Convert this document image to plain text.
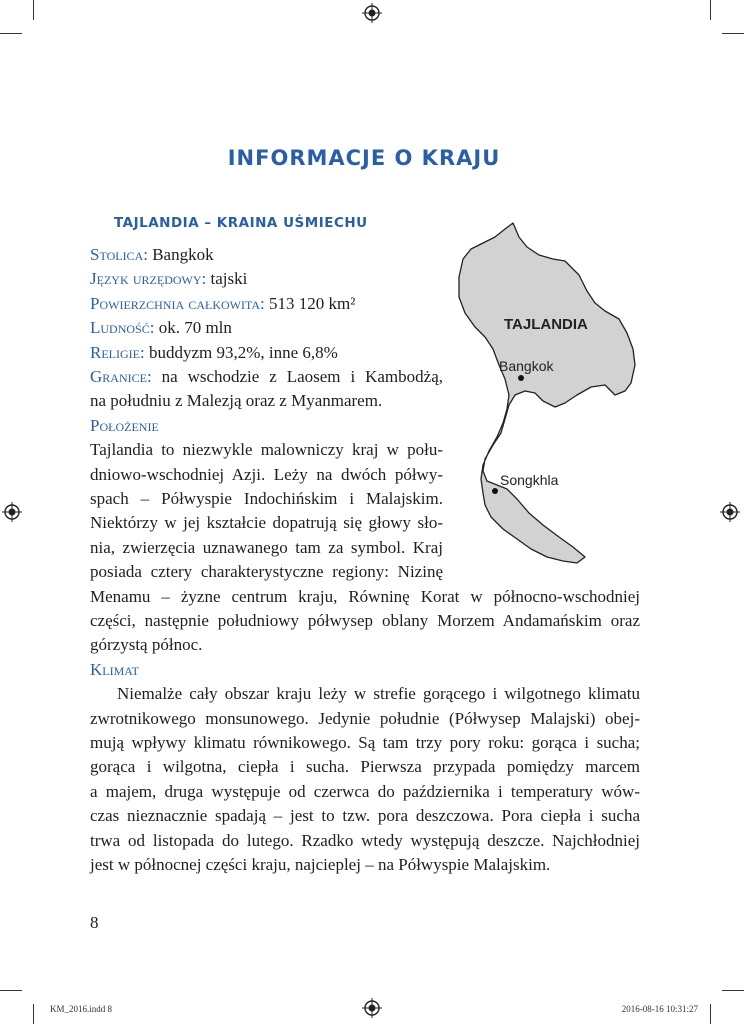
INFORMACJE O KRAJU
TAJLANDIA – KRAINA UŚMIECHU
Stolica: Bangkok
Język urzędowy: tajski
Powierzchnia całkowita: 513 120 km²
Ludność: ok. 70 mln
Religie: buddyzm 93,2%, inne 6,8%
Granice: na wschodzie z Laosem i Kambodżą,
na południu z Malezją oraz z Myanmarem.
Położenie
Tajlandia to niezwykle malowniczy kraj w połu-
dniowo-wschodniej Azji. Leży na dwóch półwy-
spach – Półwyspie Indochińskim i Malajskim.
Niektórzy w jej kształcie dopatrują się głowy sło-
nia, zwierzęcia uznawanego tam za symbol. Kraj
posiada cztery charakterystyczne regiony: Nizinę
Menamu – żyzne centrum kraju, Równinę Korat w północno-wschodniej
części, następnie południowy półwysep oblany Morzem Andamańskim oraz
górzystą północ.
Klimat
Niemalże cały obszar kraju leży w strefie gorącego i wilgotnego klimatu
zwrotnikowego monsunowego. Jedynie południe (Półwysep Malajski) obej-
mują wpływy klimatu równikowego. Są tam trzy pory roku: gorąca i sucha;
gorąca i wilgotna, ciepła i sucha. Pierwsza przypada pomiędzy marcem
a majem, druga występuje od czerwca do października i temperatury wów-
czas nieznacznie spadają – jest to tzw. pora deszczowa. Pora ciepła i sucha
trwa od listopada do lutego. Rzadko wtedy występują deszcze. Najchłodniej
jest w północnej części kraju, najcieplej – na Półwyspie Malajskim.
TAJLANDIA
Bangkok
Songkhla
8
KM_2016.indd 8	2016-08-16 10:31:27
